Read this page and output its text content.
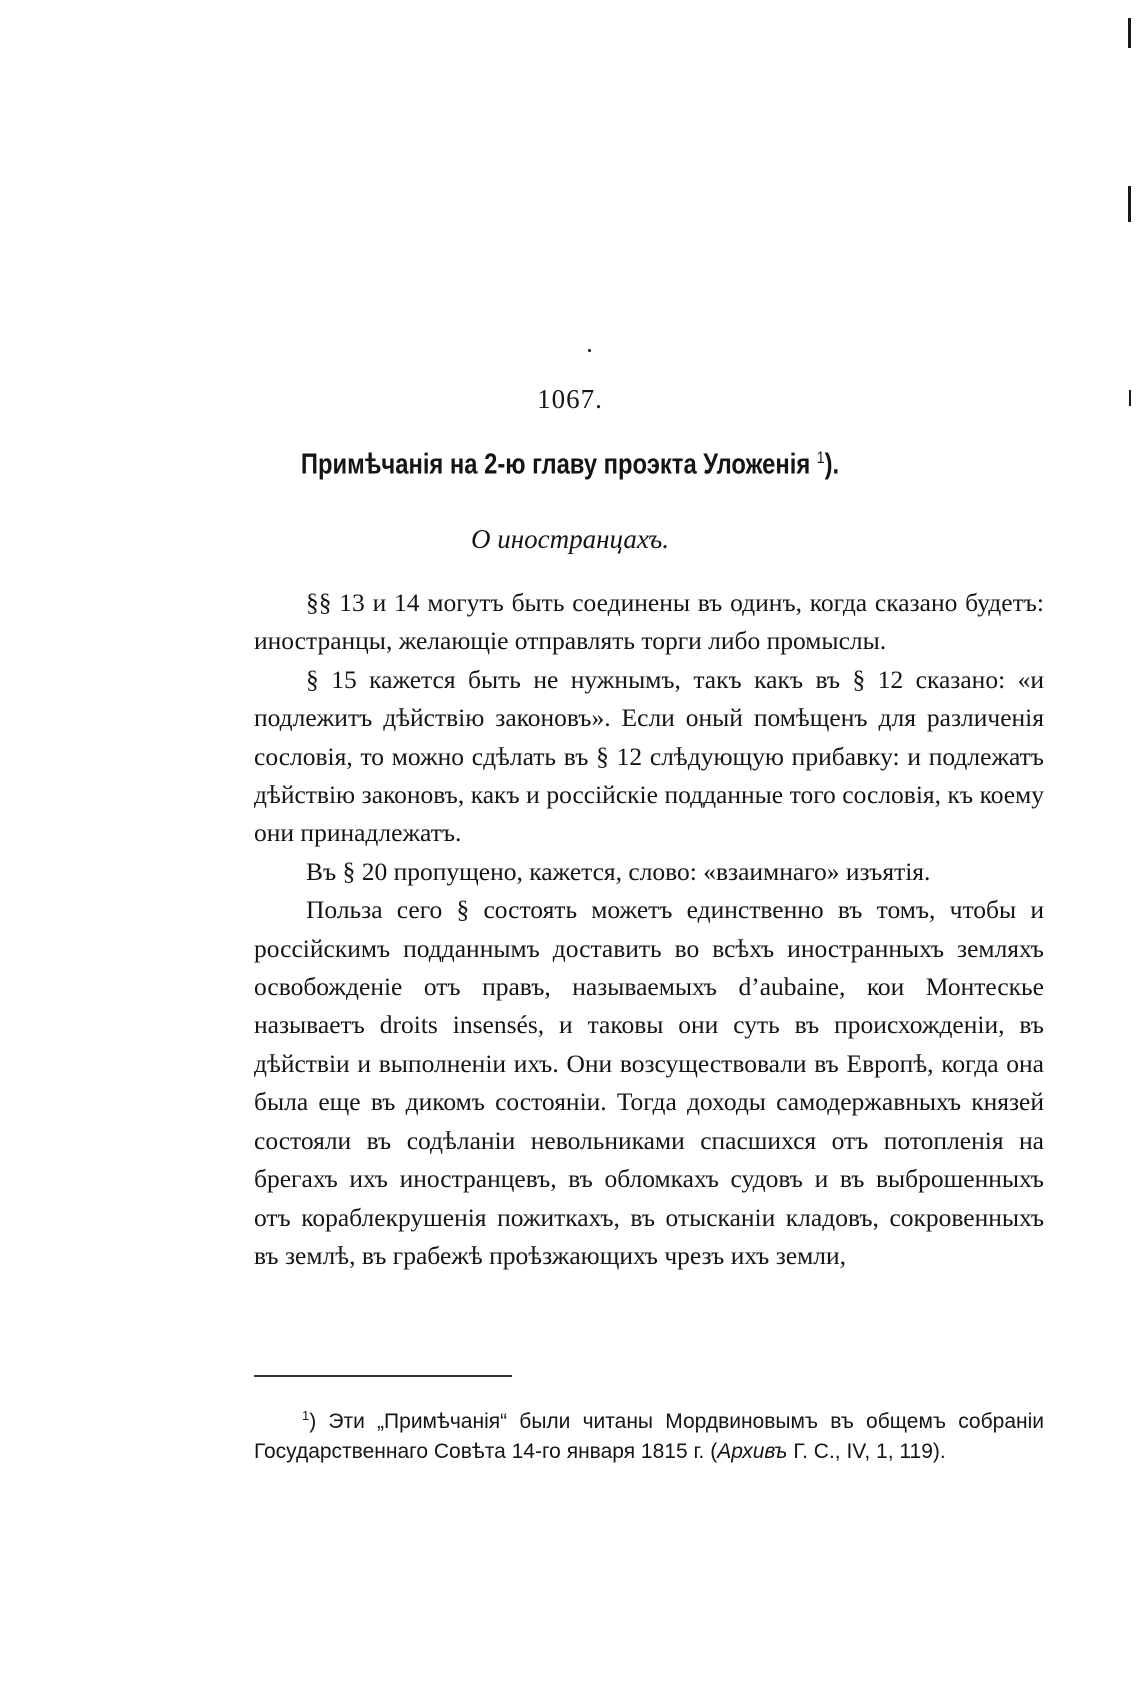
1067.
Примѣчанія на 2-ю главу проэкта Уложенія $^1$).
О иностранцахъ.

§§ 13 и 14 могутъ быть соединены въ одинъ, когда сказано будетъ: иностранцы, желающіе отправлять торги либо промыслы.

§ 15 кажется быть не нужнымъ, такъ какъ въ § 12 сказано: «и подлежитъ дѣйствію законовъ». Если оный помѣщенъ для различенія сословія, то можно сдѣлать въ § 12 слѣдующую прибавку: и подлежатъ дѣйствію законовъ, какъ и россійскіе подданные того сословія, къ коему они принадлежатъ.

Въ § 20 пропущено, кажется, слово: «взаимнаго» изъятія.

Польза сего § состоять можетъ единственно въ томъ, чтобы и россійскимъ подданнымъ доставить во всѣхъ иностранныхъ земляхъ освобожденіе отъ правъ, называемыхъ d’aubaine, кои Монтескье называетъ droits insensés, и таковы они суть въ происхожденіи, въ дѣйствіи и выполненіи ихъ. Они возсуществовали въ Европѣ, когда она была еще въ дикомъ состояніи. Тогда доходы самодержавныхъ князей состояли въ содѣланіи невольниками спасшихся отъ потопленія на брегахъ ихъ иностранцевъ, въ обломкахъ судовъ и въ выброшенныхъ отъ кораблекрушенія пожиткахъ, въ отысканіи кладовъ, сокровенныхъ въ землѣ, въ грабежѣ проѣзжающихъ чрезъ ихъ земли,

$^1$) Эти „Примѣчанія“ были читаны Мордвиновымъ въ общемъ собраніи Государственнаго Совѣта 14-го января 1815 г. (Архивъ Г. С., IV, 1, 119).
